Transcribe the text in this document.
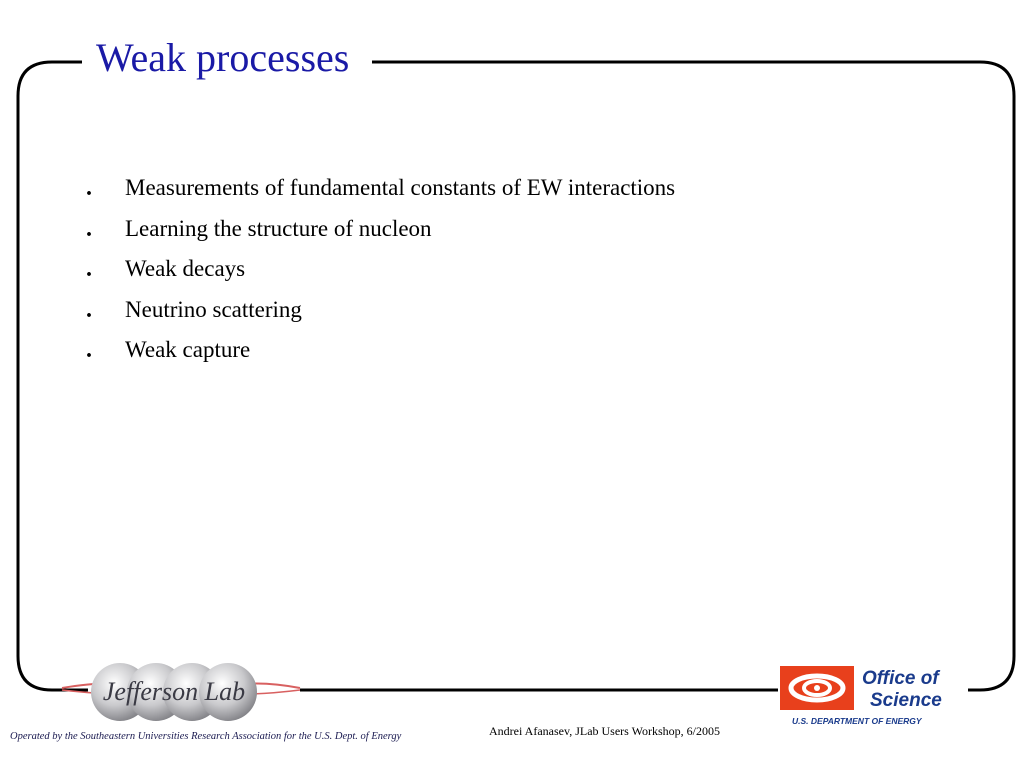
Weak processes
.	Measurements of fundamental constants of EW interactions
.	Learning the structure of nucleon
.	Weak decays
.	Neutrino scattering
.	Weak capture
Jefferson Lab	Office of
Science
U.S. DEPARTMENT OF ENERGY
Operated by the Southeastern Universities Research Association for the U.S. Dept. of Energy	Andrei Afanasev, JLab Users Workshop, 6/2005
